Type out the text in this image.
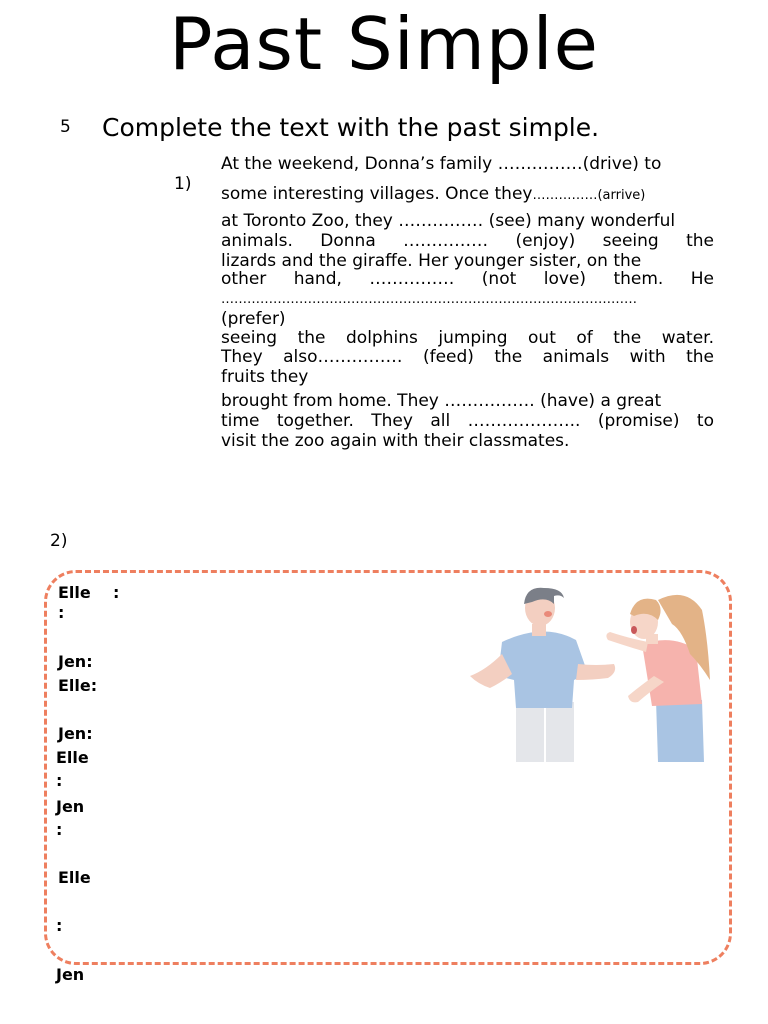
Past Simple
5 Complete the text with the past simple.
1)
At the weekend, Donna’s family ……………(drive) to
some interesting villages. Once they……………(arrive)
at Toronto Zoo, they …………… (see) many wonderful
animals. Donna …………… (enjoy) seeing the
lizards and the giraffe. Her younger sister, on the
other hand, …………… (not love) them. He
……………………………………………………………………………………
(prefer)
seeing the dolphins jumping out of the water.
They also…………… (feed) the animals with the
fruits they
brought from home. They ……………. (have) a great
time together. They all ……………….. (promise) to
visit the zoo again with their classmates.
2)
Elle :
:
Jen:
Elle:
Jen:
Elle
:
Jen
:
Elle
:
Jen
